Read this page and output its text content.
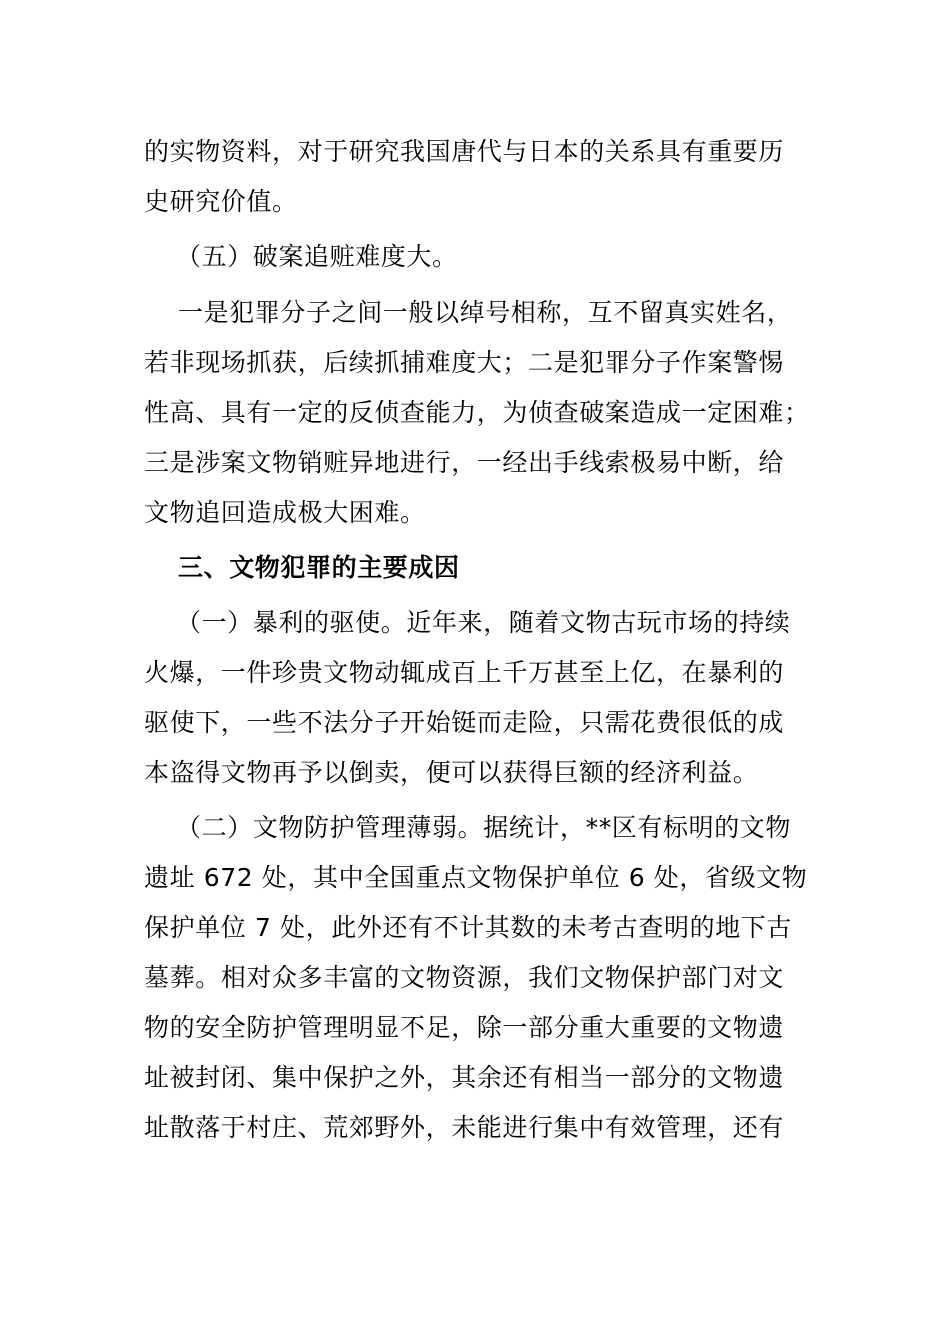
的实物资料，对于研究我国唐代与日本的关系具有重要历
史研究价值。
（五）破案追赃难度大。
一是犯罪分子之间一般以绰号相称，互不留真实姓名，
若非现场抓获，后续抓捕难度大；二是犯罪分子作案警惕
性高、具有一定的反侦查能力，为侦查破案造成一定困难；
三是涉案文物销赃异地进行，一经出手线索极易中断，给
文物追回造成极大困难。
三、文物犯罪的主要成因
（一）暴利的驱使。近年来，随着文物古玩市场的持续
火爆，一件珍贵文物动辄成百上千万甚至上亿，在暴利的
驱使下，一些不法分子开始铤而走险，只需花费很低的成
本盗得文物再予以倒卖，便可以获得巨额的经济利益。
（二）文物防护管理薄弱。据统计，**区有标明的文物
遗址 672 处，其中全国重点文物保护单位 6 处，省级文物
保护单位 7 处，此外还有不计其数的未考古查明的地下古
墓葬。相对众多丰富的文物资源，我们文物保护部门对文
物的安全防护管理明显不足，除一部分重大重要的文物遗
址被封闭、集中保护之外，其余还有相当一部分的文物遗
址散落于村庄、荒郊野外，未能进行集中有效管理，还有
